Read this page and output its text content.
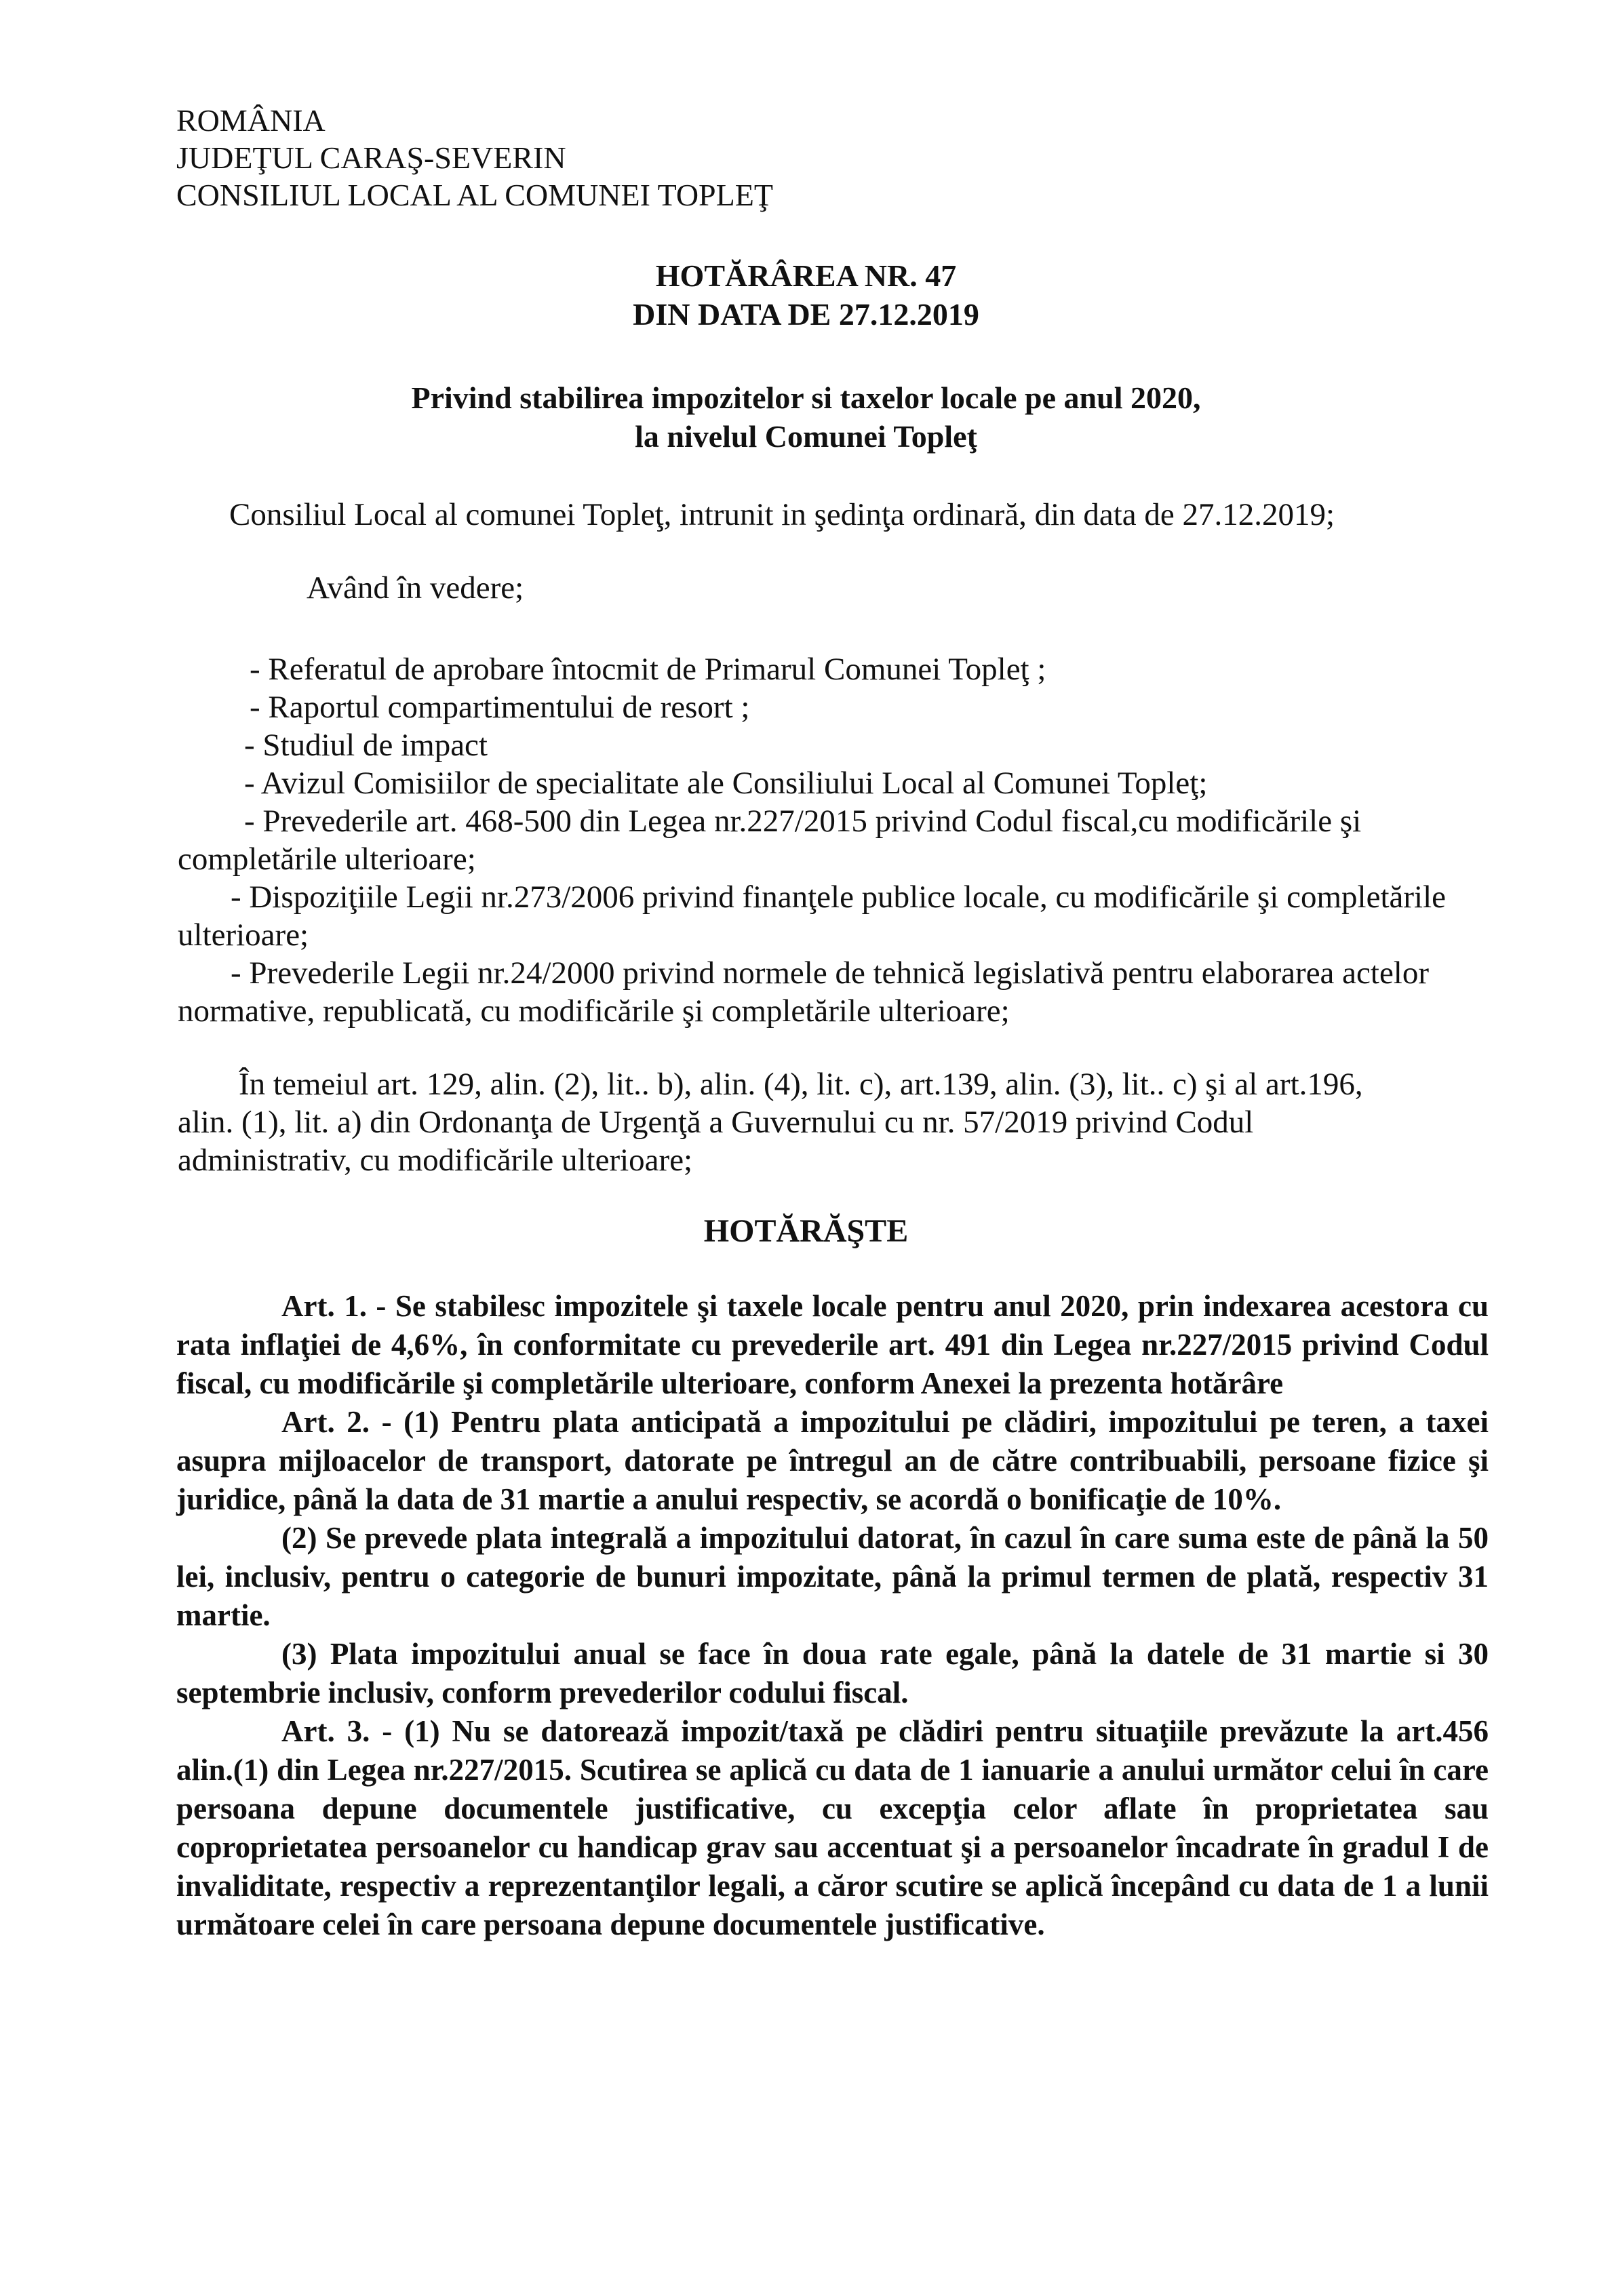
ROMÂNIA
JUDEŢUL CARAŞ-SEVERIN
CONSILIUL LOCAL AL COMUNEI TOPLEŢ
HOTĂRÂREA NR. 47
DIN DATA DE 27.12.2019
Privind stabilirea impozitelor si taxelor locale pe anul 2020,
la nivelul Comunei Topleţ
Consiliul Local al comunei Topleţ, intrunit in şedinţa ordinară, din data de 27.12.2019;
Având în vedere;
- Referatul de aprobare întocmit de Primarul Comunei Topleţ ;
- Raportul compartimentului de resort ;
- Studiul de impact
- Avizul Comisiilor de specialitate ale Consiliului Local al Comunei Topleţ;
- Prevederile art. 468-500 din Legea nr.227/2015 privind Codul fiscal,cu modificările şi
completările ulterioare;
- Dispoziţiile Legii nr.273/2006 privind finanţele publice locale, cu modificările şi completările
ulterioare;
- Prevederile Legii nr.24/2000 privind normele de tehnică legislativă pentru elaborarea actelor
normative, republicată, cu modificările şi completările ulterioare;
În temeiul art. 129, alin. (2), lit.. b), alin. (4), lit. c), art.139, alin. (3), lit.. c) şi al art.196,
alin. (1), lit. a) din Ordonanţa de Urgenţă a Guvernului cu nr. 57/2019 privind Codul
administrativ, cu modificările ulterioare;
HOTĂRĂŞTE

Art. 1. - Se stabilesc impozitele şi taxele locale pentru anul 2020, prin indexarea acestora cu rata inflaţiei de 4,6%, în conformitate cu prevederile art. 491 din Legea nr.227/2015 privind Codul fiscal, cu modificările şi completările ulterioare, conform Anexei la prezenta hotărâre

Art. 2. - (1) Pentru plata anticipată a impozitului pe clădiri, impozitului pe teren, a taxei asupra mijloacelor de transport, datorate pe întregul an de către contribuabili, persoane fizice şi juridice, până la data de 31 martie a anului respectiv, se acordă o bonificaţie de 10%.

(2) Se prevede plata integrală a impozitului datorat, în cazul în care suma este de până la 50 lei, inclusiv, pentru o categorie de bunuri impozitate, până la primul termen de plată, respectiv 31 martie.

(3) Plata impozitului anual se face în doua rate egale, până la datele de 31 martie si 30 septembrie inclusiv, conform prevederilor codului fiscal.

Art. 3. - (1) Nu se datorează impozit/taxă pe clădiri pentru situaţiile prevăzute la art.456 alin.(1) din Legea nr.227/2015. Scutirea se aplică cu data de 1 ianuarie a anului următor celui în care persoana depune documentele justificative, cu excepţia celor aflate în proprietatea sau coproprietatea persoanelor cu handicap grav sau accentuat şi a persoanelor încadrate în gradul I de invaliditate, respectiv a reprezentanţilor legali, a căror scutire se aplică începând cu data de 1 a lunii următoare celei în care persoana depune documentele justificative.
